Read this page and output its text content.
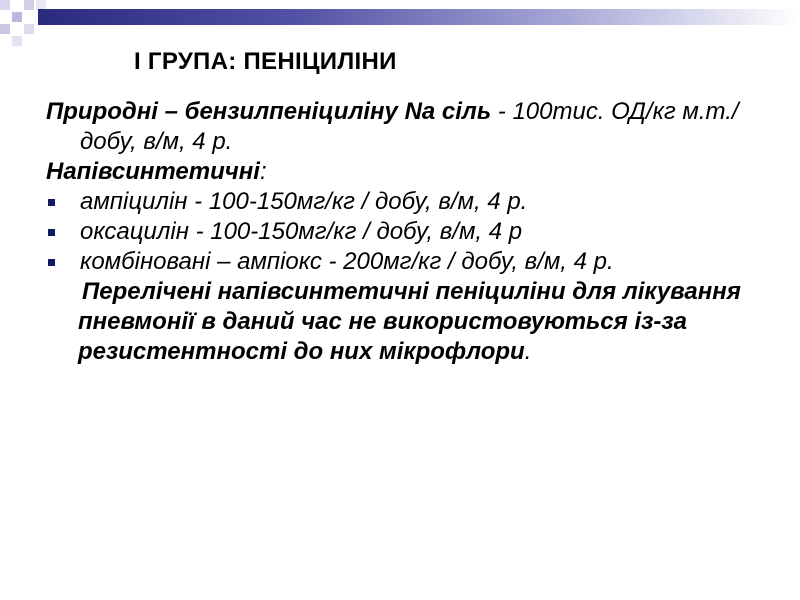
І ГРУПА: ПЕНІЦИЛІНИ

Природні – бензилпеніциліну Na сіль - 100тис. ОД/кг м.т./ добу, в/м, 4 р.

Напівсинтетичні:

ампіцилін - 100-150мг/кг / добу, в/м, 4 р.
оксацилін - 100-150мг/кг / добу, в/м, 4 р
комбіновані – ампіокс - 200мг/кг / добу, в/м, 4 р.

Перелічені напівсинтетичні пеніциліни для лікування пневмонії в даний час не використовуються із-за резистентності до них мікрофлори.
